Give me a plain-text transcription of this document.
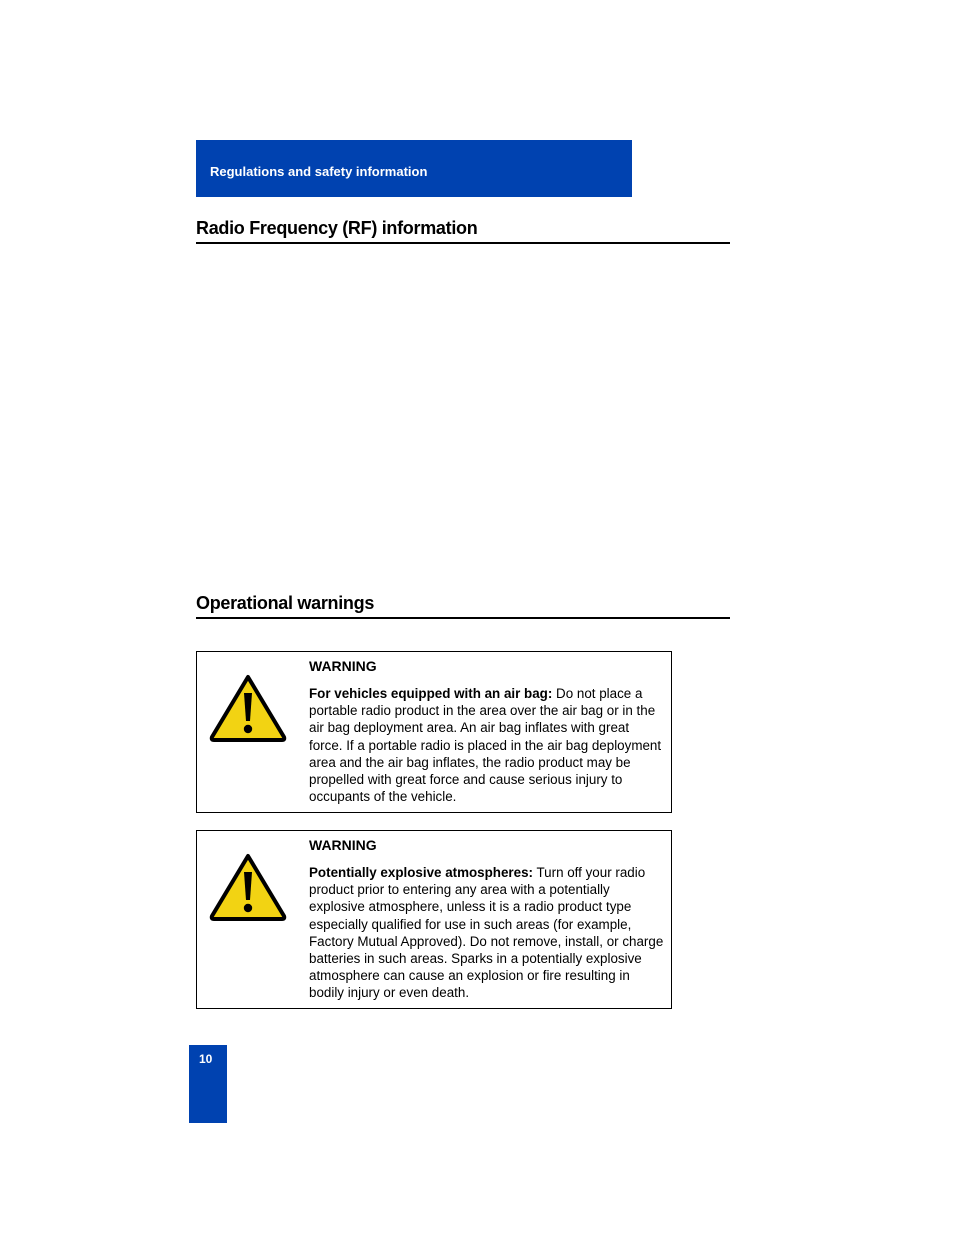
Regulations and safety information
Radio Frequency (RF) information
Operational warnings
WARNING
For vehicles equipped with an air bag: Do not place a portable radio product in the area over the air bag or in the air bag deployment area. An air bag inflates with great force. If a portable radio is placed in the air bag deployment area and the air bag inflates, the radio product may be propelled with great force and cause serious injury to occupants of the vehicle.
WARNING
Potentially explosive atmospheres: Turn off your radio product prior to entering any area with a potentially explosive atmosphere, unless it is a radio product type especially qualified for use in such areas (for example, Factory Mutual Approved). Do not remove, install, or charge batteries in such areas. Sparks in a potentially explosive atmosphere can cause an explosion or fire resulting in bodily injury or even death.
10
